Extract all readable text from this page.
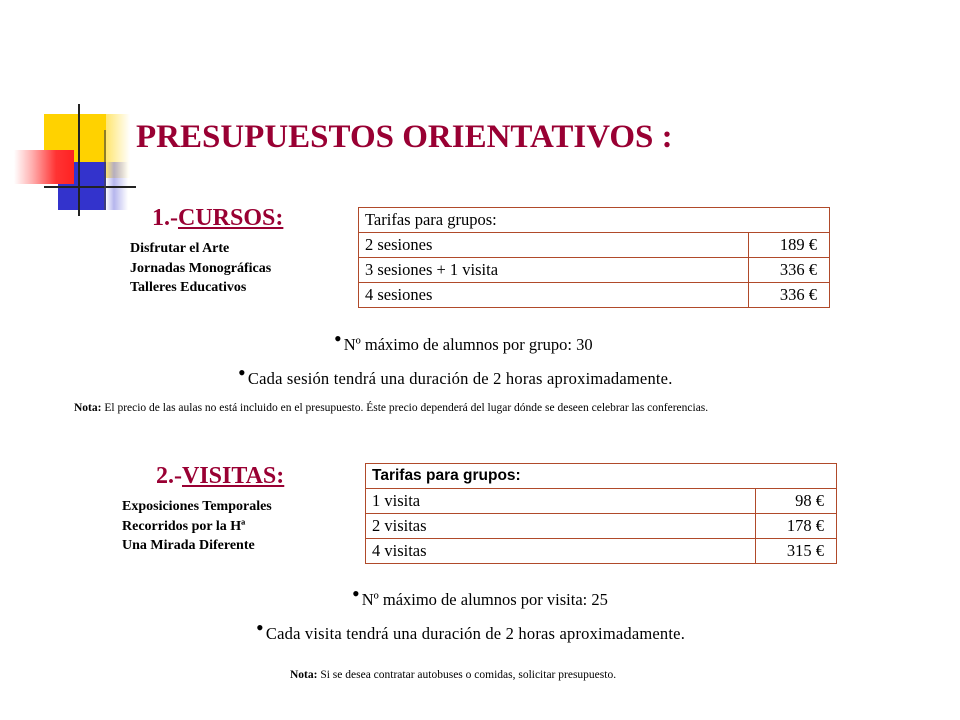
PRESUPUESTOS ORIENTATIVOS :
1.-CURSOS:
Disfrutar el Arte
Jornadas Monográficas
Talleres Educativos
Tarifas para grupos:	
2 sesiones	189 €
3 sesiones + 1 visita	336 €
4 sesiones	336 €
• Nº máximo de alumnos por grupo: 30
• Cada sesión tendrá una duración de 2 horas aproximadamente.
Nota: El precio de las aulas no está incluido en el presupuesto. Éste precio dependerá del lugar dónde se deseen celebrar las conferencias.
2.-VISITAS:
Exposiciones Temporales
Recorridos por la Hª
Una Mirada Diferente
Tarifas para grupos:	
1 visita	98 €
2 visitas	178 €
4 visitas	315 €
• Nº máximo de alumnos por visita: 25
• Cada visita tendrá una duración de 2 horas aproximadamente.
Nota: Si se desea contratar autobuses o comidas, solicitar presupuesto.
